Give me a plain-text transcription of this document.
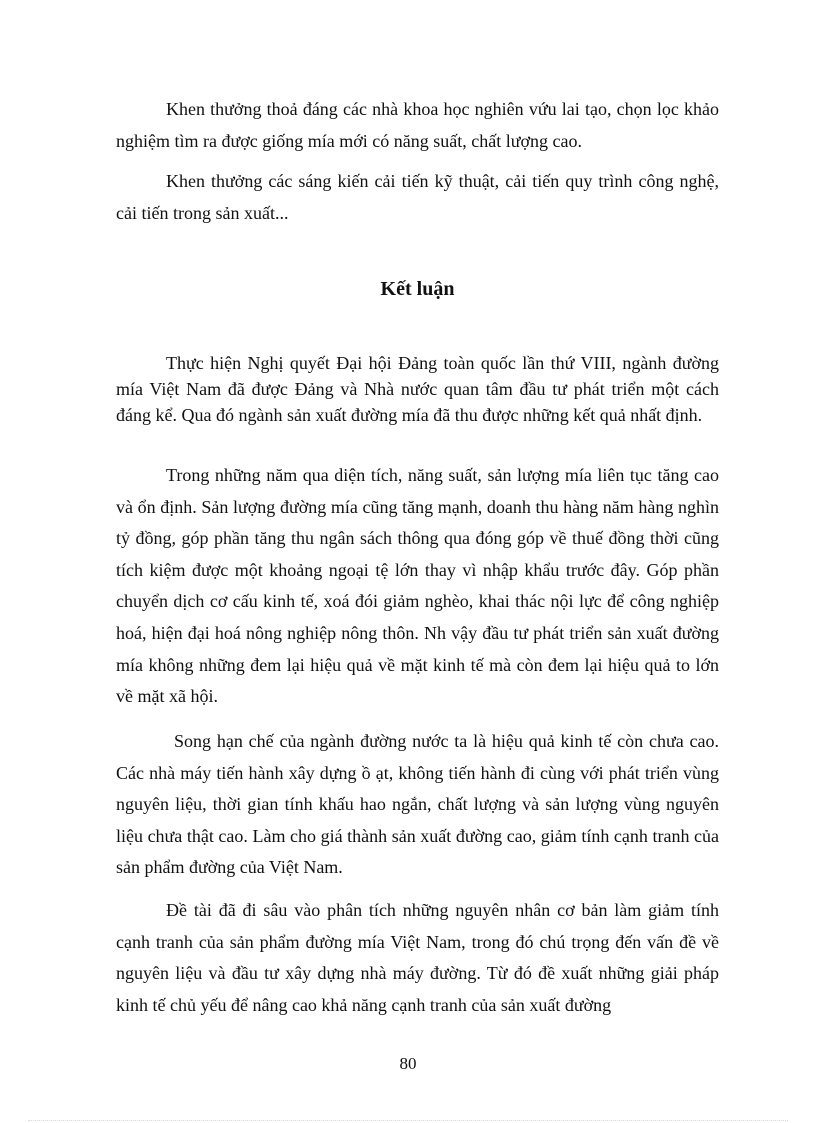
Khen thưởng thoả đáng các nhà khoa học nghiên vứu lai tạo, chọn lọc khảo nghiệm tìm ra được giống mía mới có năng suất, chất lượng cao.

Khen thưởng các sáng kiến cải tiến kỹ thuật, cải tiến quy trình công nghệ, cải tiến trong sản xuất...

Kết luận

Thực hiện Nghị quyết Đại hội Đảng toàn quốc lần thứ VIII, ngành đường mía Việt Nam đã được Đảng và Nhà nước quan tâm đầu tư phát triển một cách đáng kể. Qua đó ngành sản xuất đường mía đã thu được những kết quả nhất định.

Trong những năm qua diện tích, năng suất, sản lượng mía liên tục tăng cao và ổn định. Sản lượng đường mía cũng tăng mạnh, doanh thu hàng năm hàng nghìn tỷ đồng, góp phần tăng thu ngân sách thông qua đóng góp về thuế đồng thời cũng tích kiệm được một khoảng ngoại tệ lớn thay vì nhập khẩu trước đây. Góp phần chuyển dịch cơ cấu kinh tế, xoá đói giảm nghèo, khai thác nội lực để công nghiệp hoá, hiện đại hoá nông nghiệp nông thôn. Nh vậy đầu tư phát triển sản xuất đường mía không những đem lại hiệu quả về mặt kinh tế mà còn đem lại hiệu quả to lớn về mặt xã hội.

Song hạn chế của ngành đường nước ta là hiệu quả kinh tế còn chưa cao. Các nhà máy tiến hành xây dựng ồ ạt, không tiến hành đi cùng với phát triển vùng nguyên liệu, thời gian tính khấu hao ngắn, chất lượng và sản lượng vùng nguyên liệu chưa thật cao. Làm cho giá thành sản xuất đường cao, giảm tính cạnh tranh của sản phẩm đường của Việt Nam.

Đề tài đã đi sâu vào phân tích những nguyên nhân cơ bản làm giảm tính cạnh tranh của sản phẩm đường mía Việt Nam, trong đó chú trọng đến vấn đề về nguyên liệu và đầu tư xây dựng nhà máy đường. Từ đó đề xuất những giải pháp kinh tế chủ yếu để nâng cao khả năng cạnh tranh của sản xuất đường

80
